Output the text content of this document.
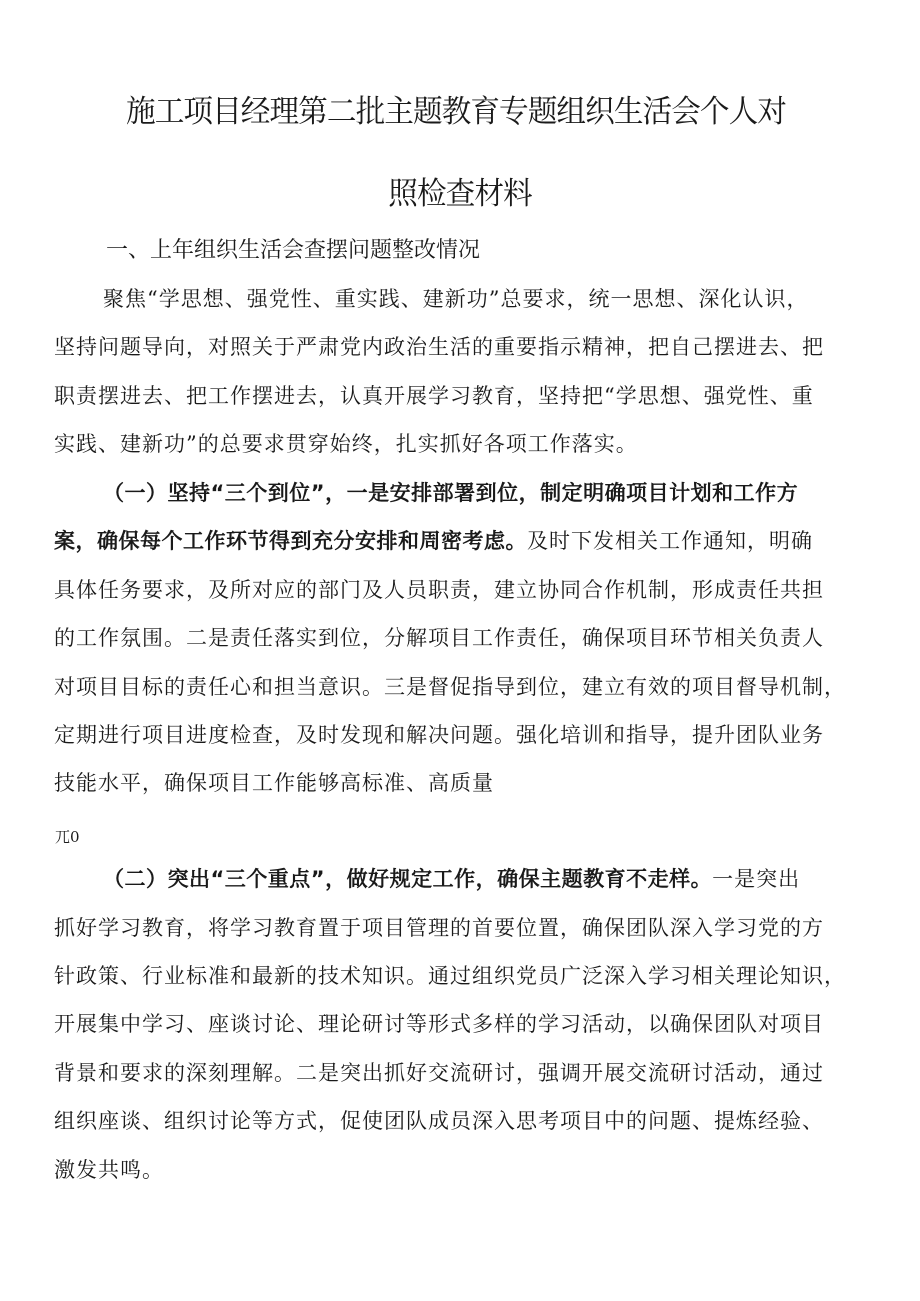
施工项目经理第二批主题教育专题组织生活会个人对
照检查材料
一、上年组织生活会查摆问题整改情况
聚焦“学思想、强党性、重实践、建新功”总要求，统一思想、深化认识，
坚持问题导向，对照关于严肃党内政治生活的重要指示精神，把自己摆进去、把
职责摆进去、把工作摆进去，认真开展学习教育，坚持把“学思想、强党性、重
实践、建新功”的总要求贯穿始终，扎实抓好各项工作落实。
（一）坚持“三个到位”，一是安排部署到位，制定明确项目计划和工作方
案，确保每个工作环节得到充分安排和周密考虑。及时下发相关工作通知，明确
具体任务要求，及所对应的部门及人员职责，建立协同合作机制，形成责任共担
的工作氛围。二是责任落实到位，分解项目工作责任，确保项目环节相关负责人
对项目目标的责任心和担当意识。三是督促指导到位，建立有效的项目督导机制，
定期进行项目进度检查，及时发现和解决问题。强化培训和指导，提升团队业务
技能水平，确保项目工作能够高标准、高质量
兀0
（二）突出“三个重点”，做好规定工作，确保主题教育不走样。一是突出
抓好学习教育，将学习教育置于项目管理的首要位置，确保团队深入学习党的方
针政策、行业标准和最新的技术知识。通过组织党员广泛深入学习相关理论知识，
开展集中学习、座谈讨论、理论研讨等形式多样的学习活动，以确保团队对项目
背景和要求的深刻理解。二是突出抓好交流研讨，强调开展交流研讨活动，通过
组织座谈、组织讨论等方式，促使团队成员深入思考项目中的问题、提炼经验、
激发共鸣。
